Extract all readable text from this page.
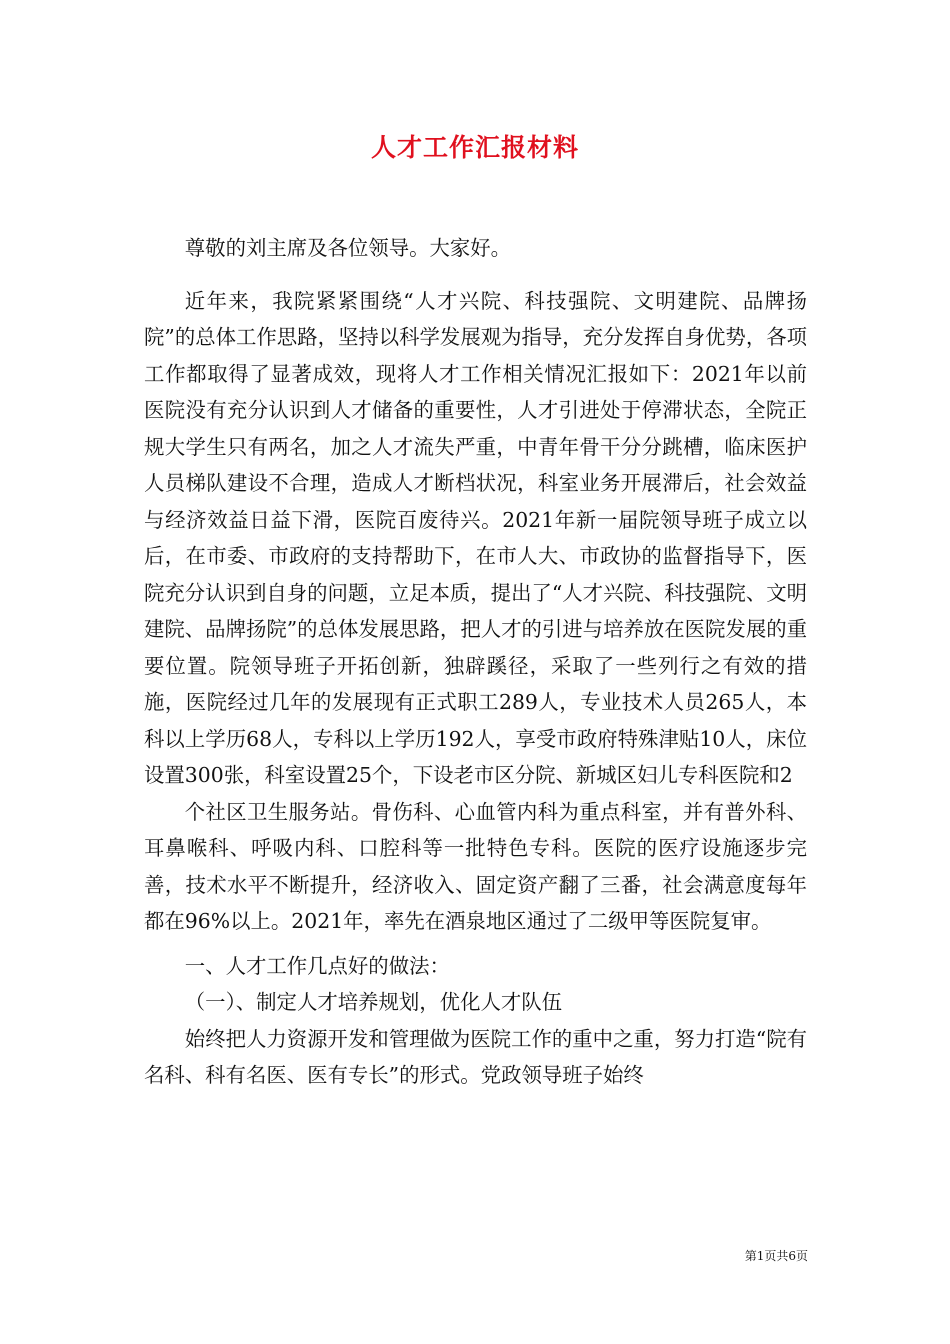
人才工作汇报材料

尊敬的刘主席及各位领导。大家好。

近年来，我院紧紧围绕“人才兴院、科技强院、文明建院、品牌扬院”的总体工作思路，坚持以科学发展观为指导，充分发挥自身优势，各项工作都取得了显著成效，现将人才工作相关情况汇报如下：2021年以前医院没有充分认识到人才储备的重要性，人才引进处于停滞状态，全院正规大学生只有两名，加之人才流失严重，中青年骨干分分跳槽，临床医护人员梯队建设不合理，造成人才断档状况，科室业务开展滞后，社会效益与经济效益日益下滑，医院百废待兴。2021年新一届院领导班子成立以后，在市委、市政府的支持帮助下，在市人大、市政协的监督指导下，医院充分认识到自身的问题，立足本质，提出了“人才兴院、科技强院、文明建院、品牌扬院”的总体发展思路，把人才的引进与培养放在医院发展的重要位置。院领导班子开拓创新，独辟蹊径，采取了一些列行之有效的措施，医院经过几年的发展现有正式职工289人，专业技术人员265人，本科以上学历68人，专科以上学历192人，享受市政府特殊津贴10人，床位设置300张，科室设置25个，下设老市区分院、新城区妇儿专科医院和2

个社区卫生服务站。骨伤科、心血管内科为重点科室，并有普外科、耳鼻喉科、呼吸内科、口腔科等一批特色专科。医院的医疗设施逐步完善，技术水平不断提升，经济收入、固定资产翻了三番，社会满意度每年都在96%以上。2021年，率先在酒泉地区通过了二级甲等医院复审。

一、人才工作几点好的做法：

（一）、制定人才培养规划，优化人才队伍

始终把人力资源开发和管理做为医院工作的重中之重，努力打造“院有名科、科有名医、医有专长”的形式。党政领导班子始终

第1页共6页
